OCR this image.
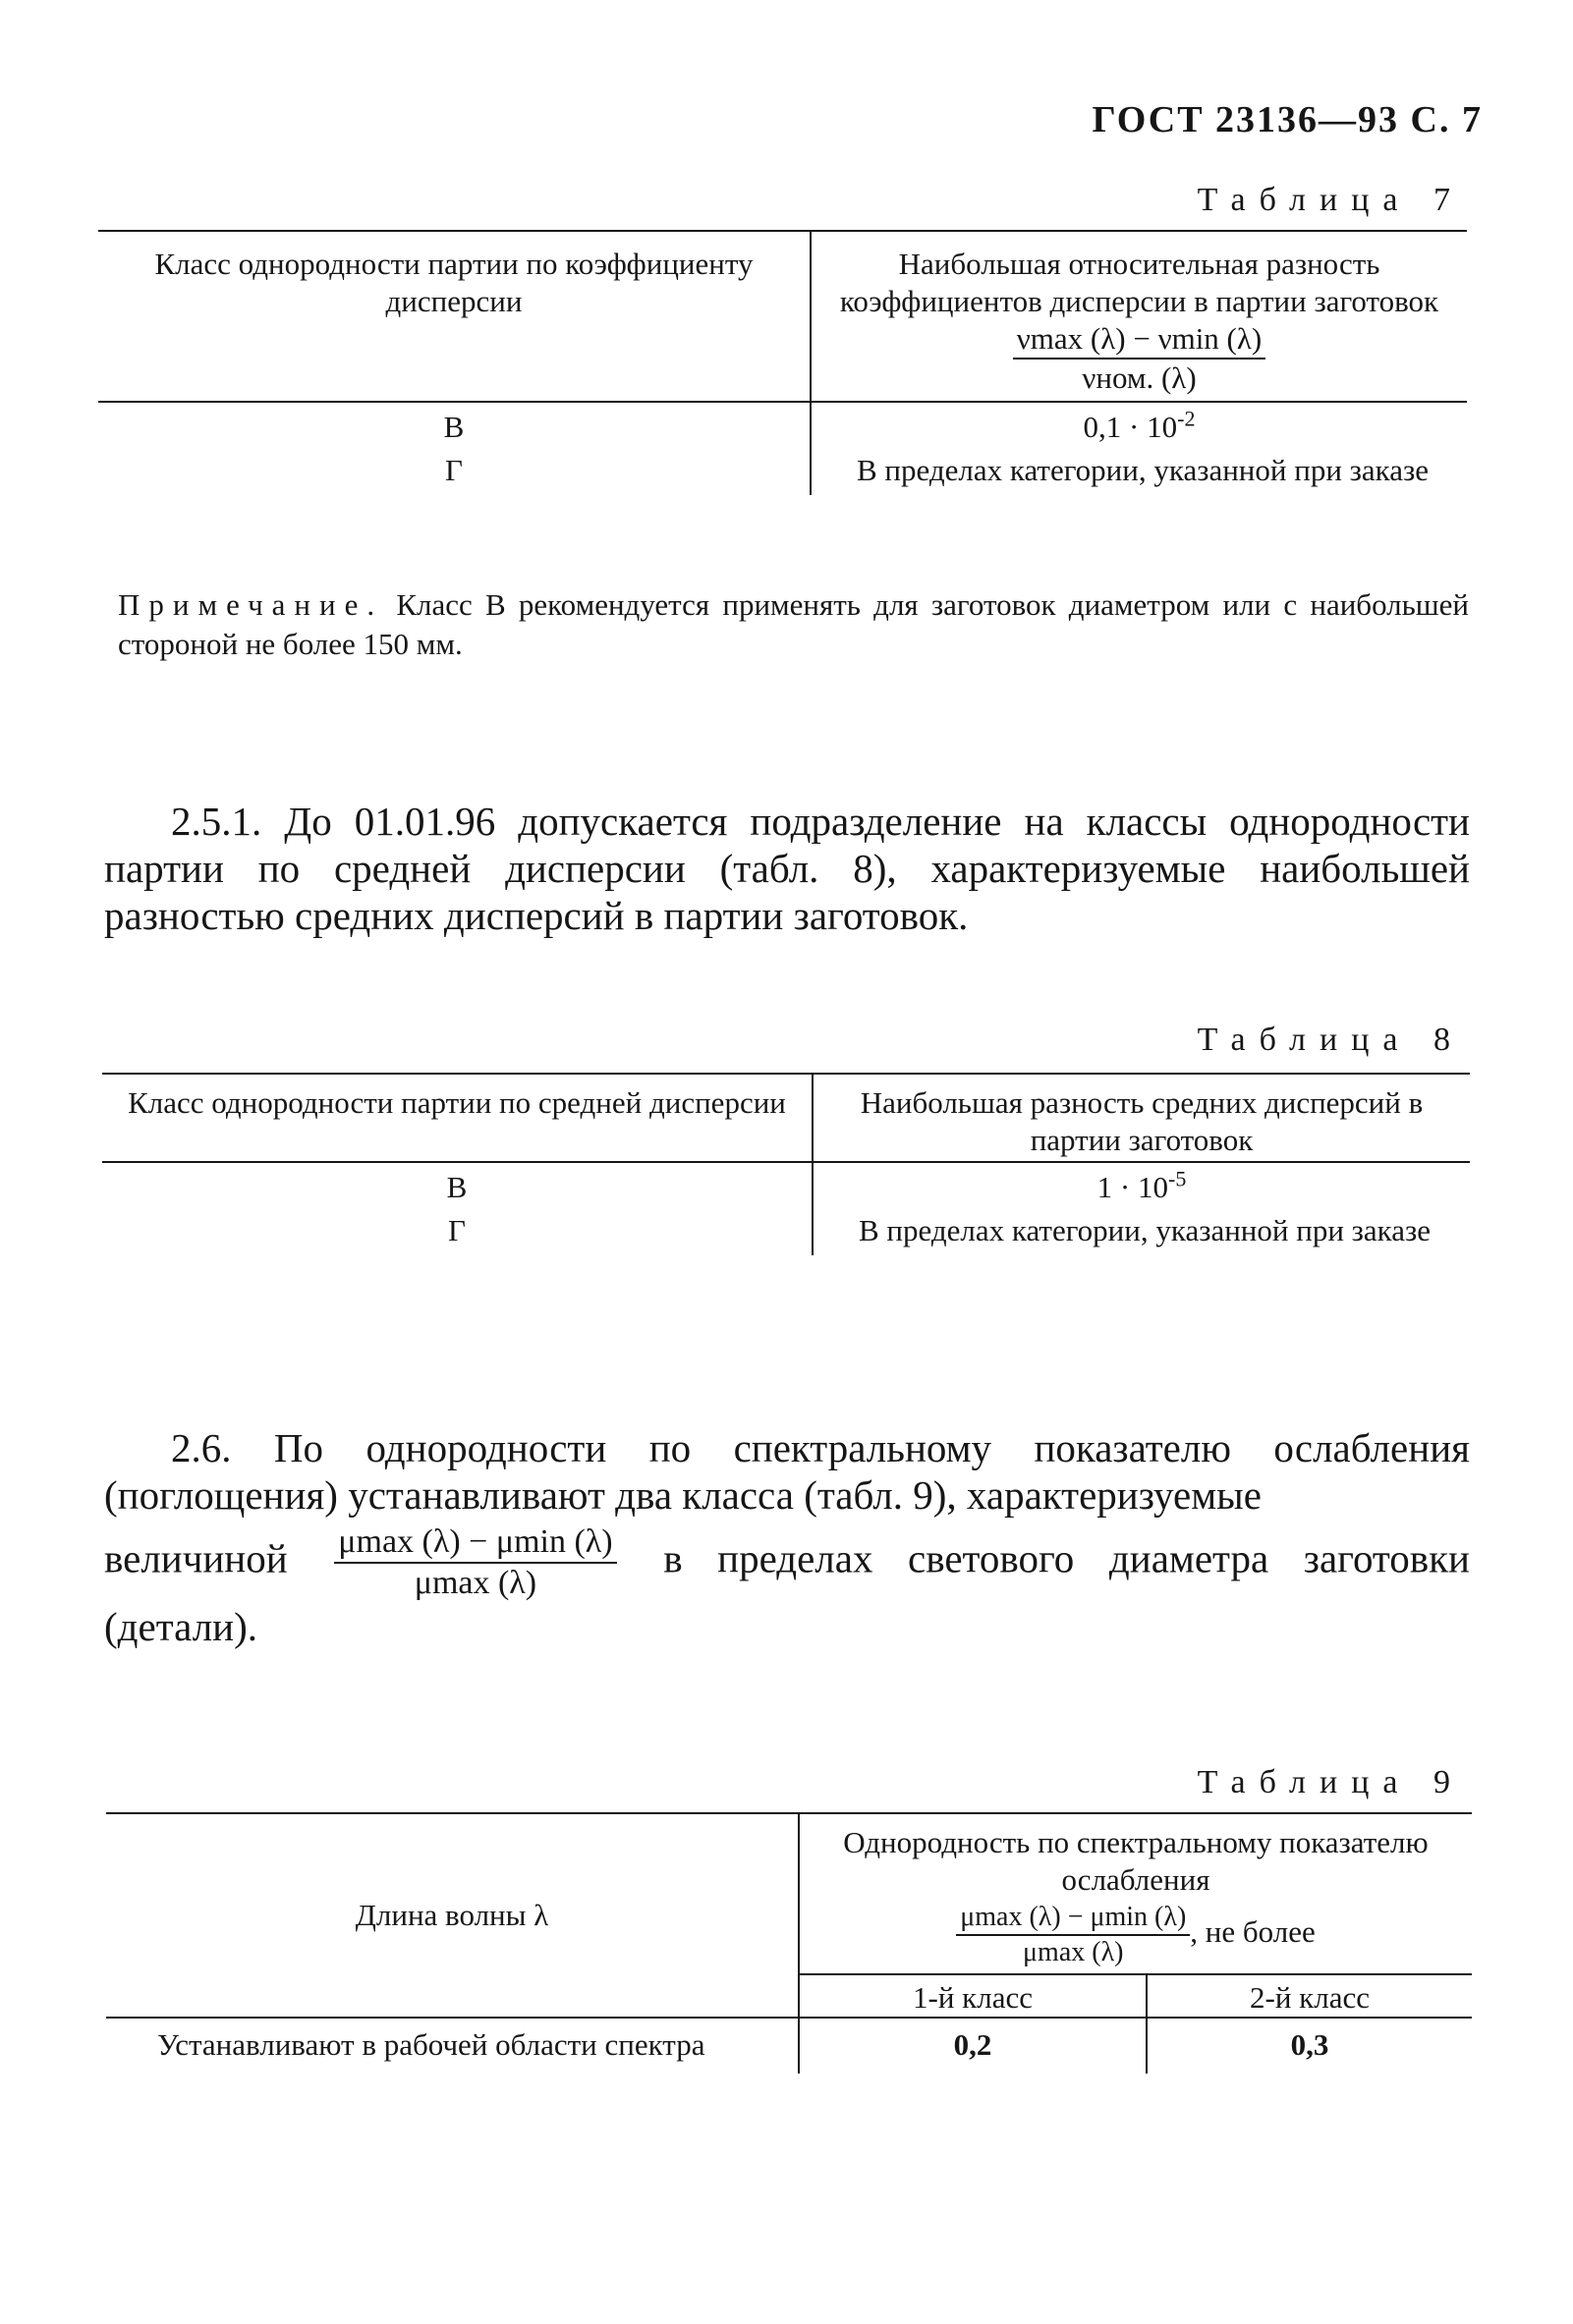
ГОСТ 23136—93 С. 7
Таблица 7
Класс однородности партии по коэффициенту дисперсии	Наибольшая относительная разность коэффициентов дисперсии в партии заготовок
$\frac{\nu\max (\lambda) - \nu\min (\lambda)}{\text{νном. (λ)}}$

В	$0,1 \cdot 10^{-2}$
Г	В пределах категории, указанной при заказе
Примечание. Класс В рекомендуется применять для заготовок диаметром или с наибольшей стороной не более 150 мм.
2.5.1. До 01.01.96 допускается подразделение на классы однородности партии по средней дисперсии (табл. 8), характеризуемые наибольшей разностью средних дисперсий в партии заготовок.
Таблица 8
Класс однородности партии по средней дисперсии	Наибольшая разность средних дисперсий в партии заготовок

В	$1 \cdot 10^{-5}$
Г	В пределах категории, указанной при заказе
2.6. По однородности по спектральному показателю ослабления (поглощения) устанавливают два класса (табл. 9), характеризуемые
величиной $\frac{\mu\max (\lambda) - \mu\min (\lambda)}{\mu\max (\lambda)}$ в пределах светового диаметра заготовки (детали).
Таблица 9
Длина волны λ	Однородность по спектральному показателю ослабления
$\frac{\mu\max (\lambda) - \mu\min (\lambda)}{\mu\max (\lambda)}$ , не более	

	1-й класс	2-й класс
Устанавливают в рабочей области спектра	0,2	0,3
